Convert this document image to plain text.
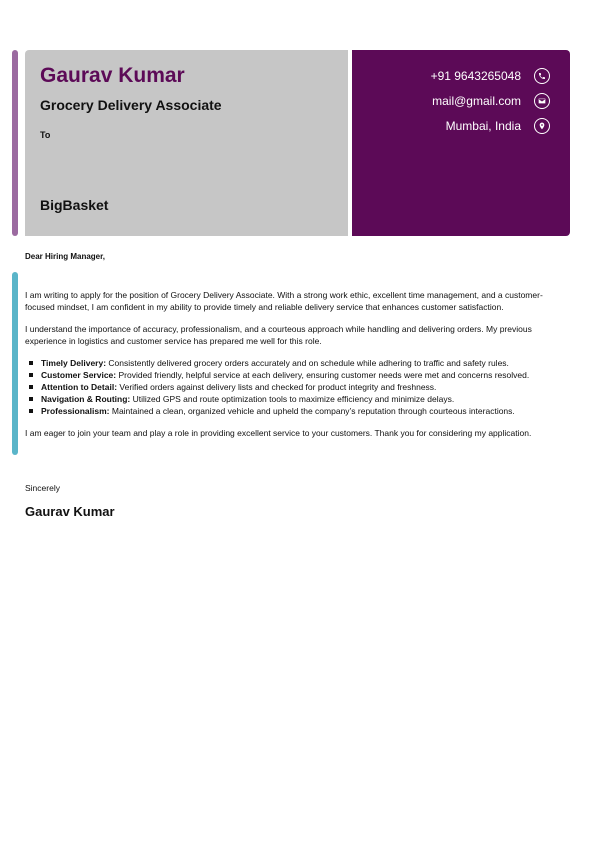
Gaurav Kumar
Grocery Delivery Associate
To
BigBasket
+91 9643265048
mail@gmail.com
Mumbai, India
Dear Hiring Manager,

I am writing to apply for the position of Grocery Delivery Associate. With a strong work ethic, excellent time management, and a customer-focused mindset, I am confident in my ability to provide timely and reliable delivery service that enhances customer satisfaction.

I understand the importance of accuracy, professionalism, and a courteous approach while handling and delivering orders. My previous experience in logistics and customer service has prepared me well for this role.

Timely Delivery: Consistently delivered grocery orders accurately and on schedule while adhering to traffic and safety rules.
Customer Service: Provided friendly, helpful service at each delivery, ensuring customer needs were met and concerns resolved.
Attention to Detail: Verified orders against delivery lists and checked for product integrity and freshness.
Navigation & Routing: Utilized GPS and route optimization tools to maximize efficiency and minimize delays.
Professionalism: Maintained a clean, organized vehicle and upheld the company’s reputation through courteous interactions.

I am eager to join your team and play a role in providing excellent service to your customers. Thank you for considering my application.

Sincerely
Gaurav Kumar
